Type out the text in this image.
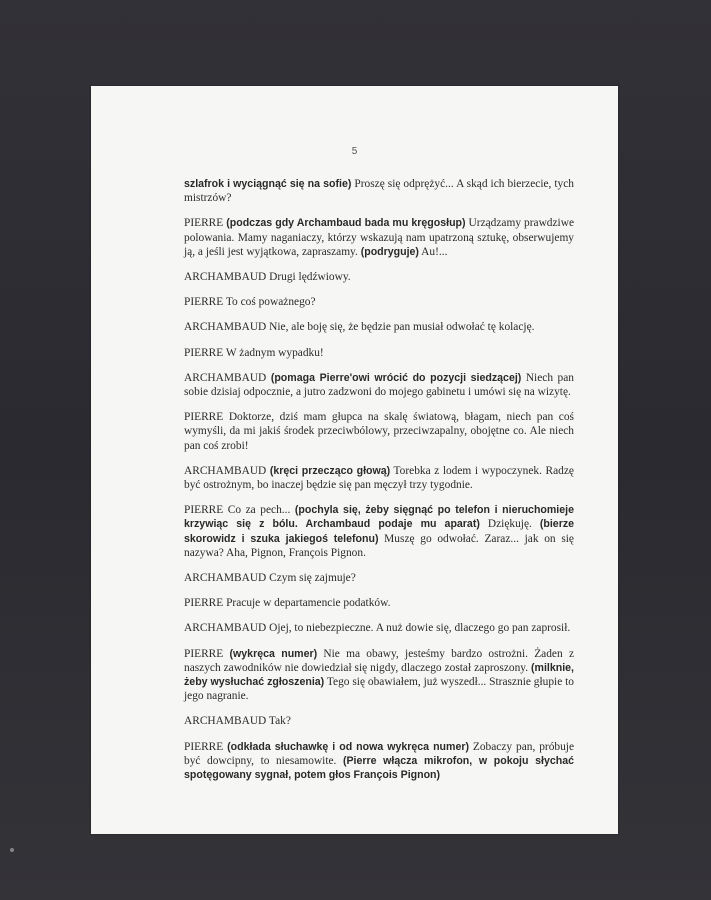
5

szlafrok i wyciągnąć się na sofie) Proszę się odprężyć... A skąd ich bierzecie, tych mistrzów?

PIERRE (podczas gdy Archambaud bada mu kręgosłup) Urządzamy prawdziwe polowania. Mamy naganiaczy, którzy wskazują nam upatrzoną sztukę, obserwujemy ją, a jeśli jest wyjątkowa, zapraszamy. (podryguje) Au!...

ARCHAMBAUD Drugi lędźwiowy.

PIERRE To coś poważnego?

ARCHAMBAUD Nie, ale boję się, że będzie pan musiał odwołać tę kolację.

PIERRE W żadnym wypadku!

ARCHAMBAUD (pomaga Pierre'owi wrócić do pozycji siedzącej) Niech pan sobie dzisiaj odpocznie, a jutro zadzwoni do mojego gabinetu i umówi się na wizytę.

PIERRE Doktorze, dziś mam głupca na skalę światową, błagam, niech pan coś wymyśli, da mi jakiś środek przeciwbólowy, przeciwzapalny, obojętne co. Ale niech pan coś zrobi!

ARCHAMBAUD (kręci przecząco głową) Torebka z lodem i wypoczynek. Radzę być ostrożnym, bo inaczej będzie się pan męczył trzy tygodnie.

PIERRE Co za pech... (pochyla się, żeby sięgnąć po telefon i nieruchomieje krzywiąc się z bólu. Archambaud podaje mu aparat) Dziękuję. (bierze skorowidz i szuka jakiegoś telefonu) Muszę go odwołać. Zaraz... jak on się nazywa? Aha, Pignon, François Pignon.

ARCHAMBAUD Czym się zajmuje?

PIERRE Pracuje w departamencie podatków.

ARCHAMBAUD Ojej, to niebezpieczne. A nuż dowie się, dlaczego go pan zaprosił.

PIERRE (wykręca numer) Nie ma obawy, jesteśmy bardzo ostrożni. Żaden z naszych zawodników nie dowiedział się nigdy, dlaczego został zaproszony. (milknie, żeby wysłuchać zgłoszenia) Tego się obawiałem, już wyszedł... Strasznie głupie to jego nagranie.

ARCHAMBAUD Tak?

PIERRE (odkłada słuchawkę i od nowa wykręca numer) Zobaczy pan, próbuje być dowcipny, to niesamowite. (Pierre włącza mikrofon, w pokoju słychać spotęgowany sygnał, potem głos François Pignon)
